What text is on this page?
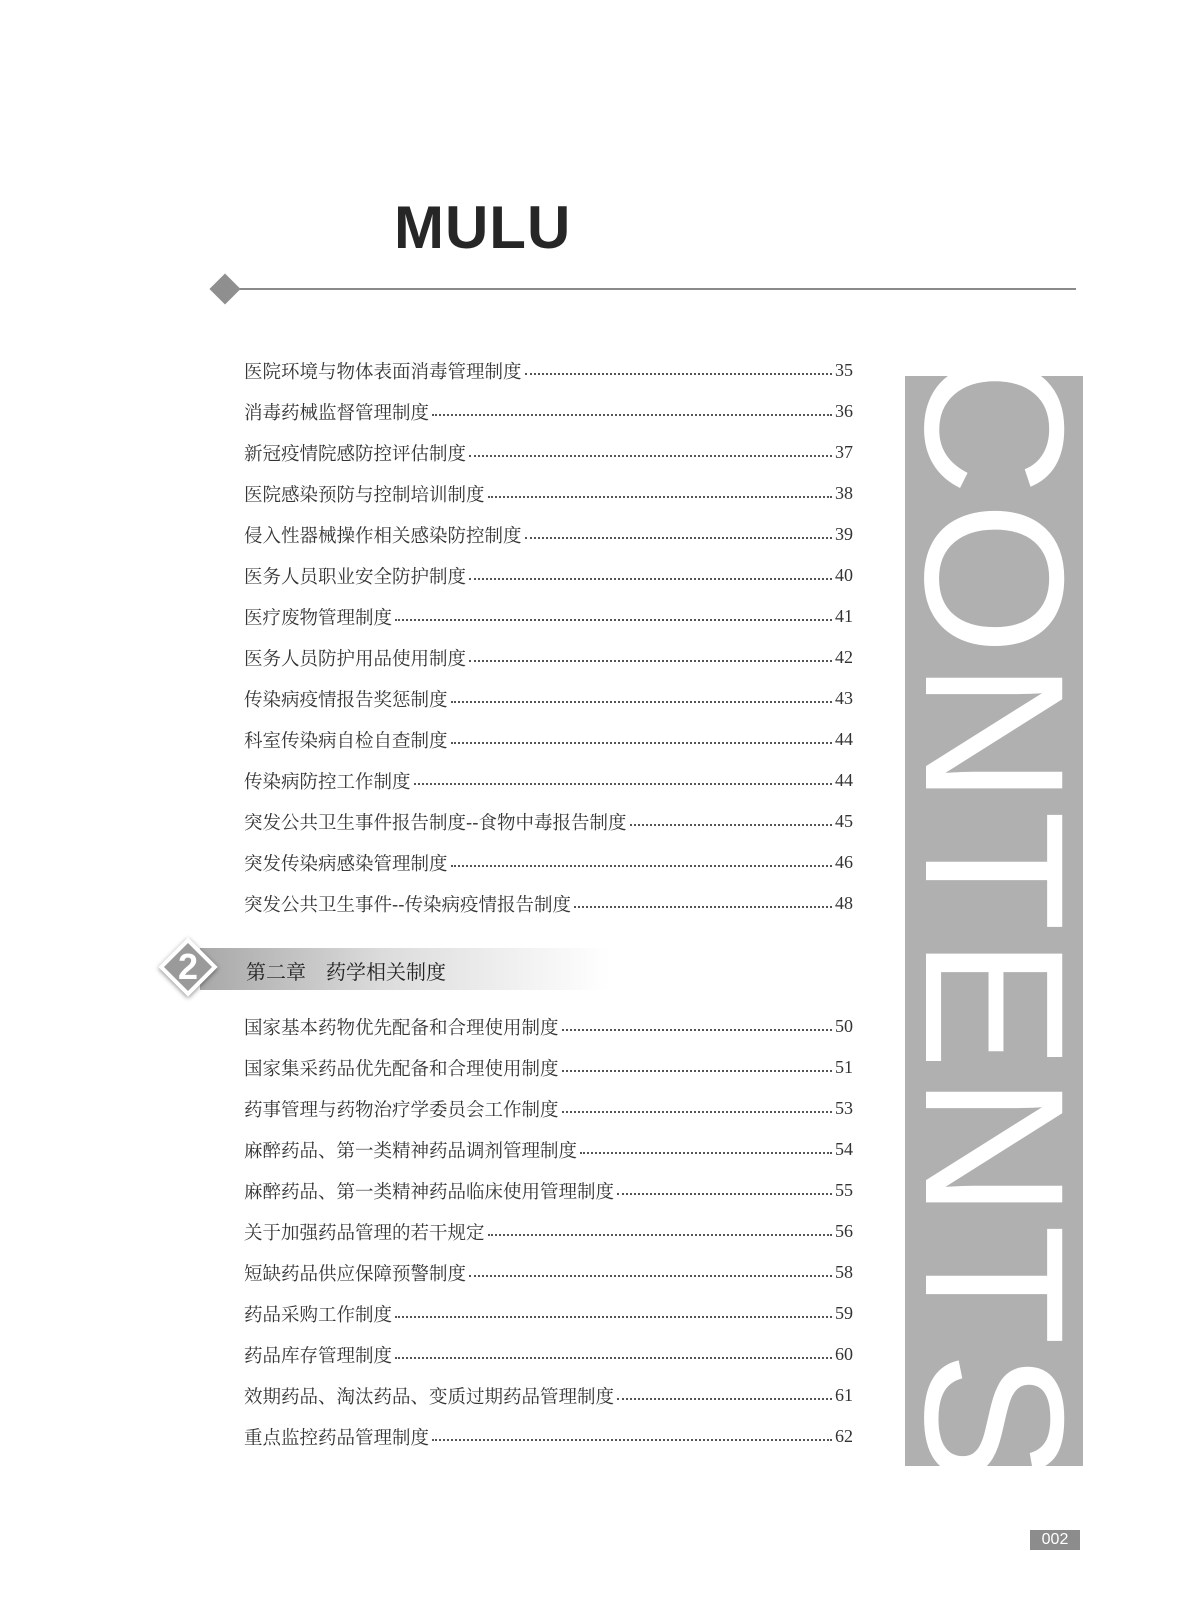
MULU
CONTENTS
医院环境与物体表面消毒管理制度	35
消毒药械监督管理制度	36
新冠疫情院感防控评估制度	37
医院感染预防与控制培训制度	38
侵入性器械操作相关感染防控制度	39
医务人员职业安全防护制度	40
医疗废物管理制度	41
医务人员防护用品使用制度	42
传染病疫情报告奖惩制度	43
科室传染病自检自查制度	44
传染病防控工作制度	44
突发公共卫生事件报告制度--食物中毒报告制度	45
突发传染病感染管理制度	46
突发公共卫生事件--传染病疫情报告制度	48
2	第二章　药学相关制度
国家基本药物优先配备和合理使用制度	50
国家集采药品优先配备和合理使用制度	51
药事管理与药物治疗学委员会工作制度	53
麻醉药品、第一类精神药品调剂管理制度	54
麻醉药品、第一类精神药品临床使用管理制度	55
关于加强药品管理的若干规定	56
短缺药品供应保障预警制度	58
药品采购工作制度	59
药品库存管理制度	60
效期药品、淘汰药品、变质过期药品管理制度	61
重点监控药品管理制度	62
002
